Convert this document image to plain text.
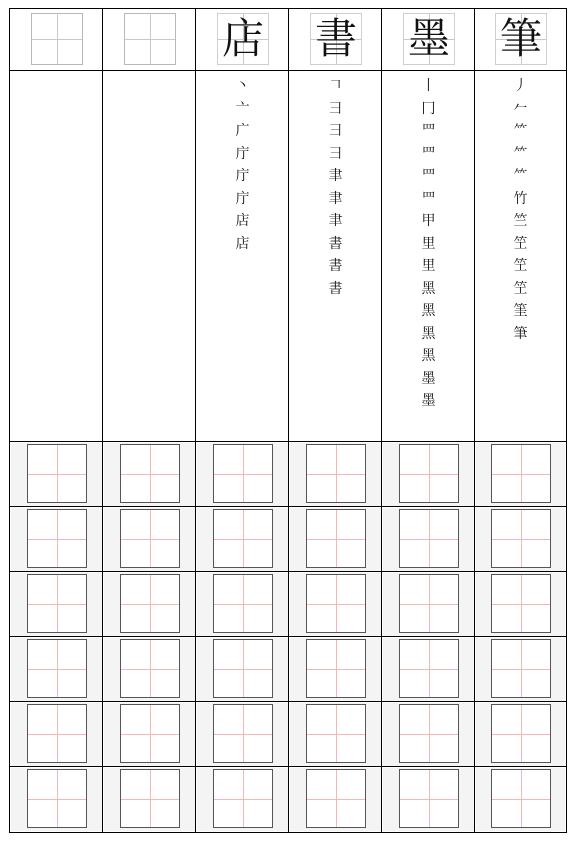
店
丶
亠
广
庁
庁
庁
店
店
書
𠃍
⺕
⺕
⺕
聿
聿
聿
書
書
書
墨
丨
冂
罒
罒
罒
罒
甲
里
里
黑
黑
黑
黑
墨
墨
筆
丿
𠂉
⺮
⺮
⺮
竹
竺
笁
笁
笁
筀
筆
